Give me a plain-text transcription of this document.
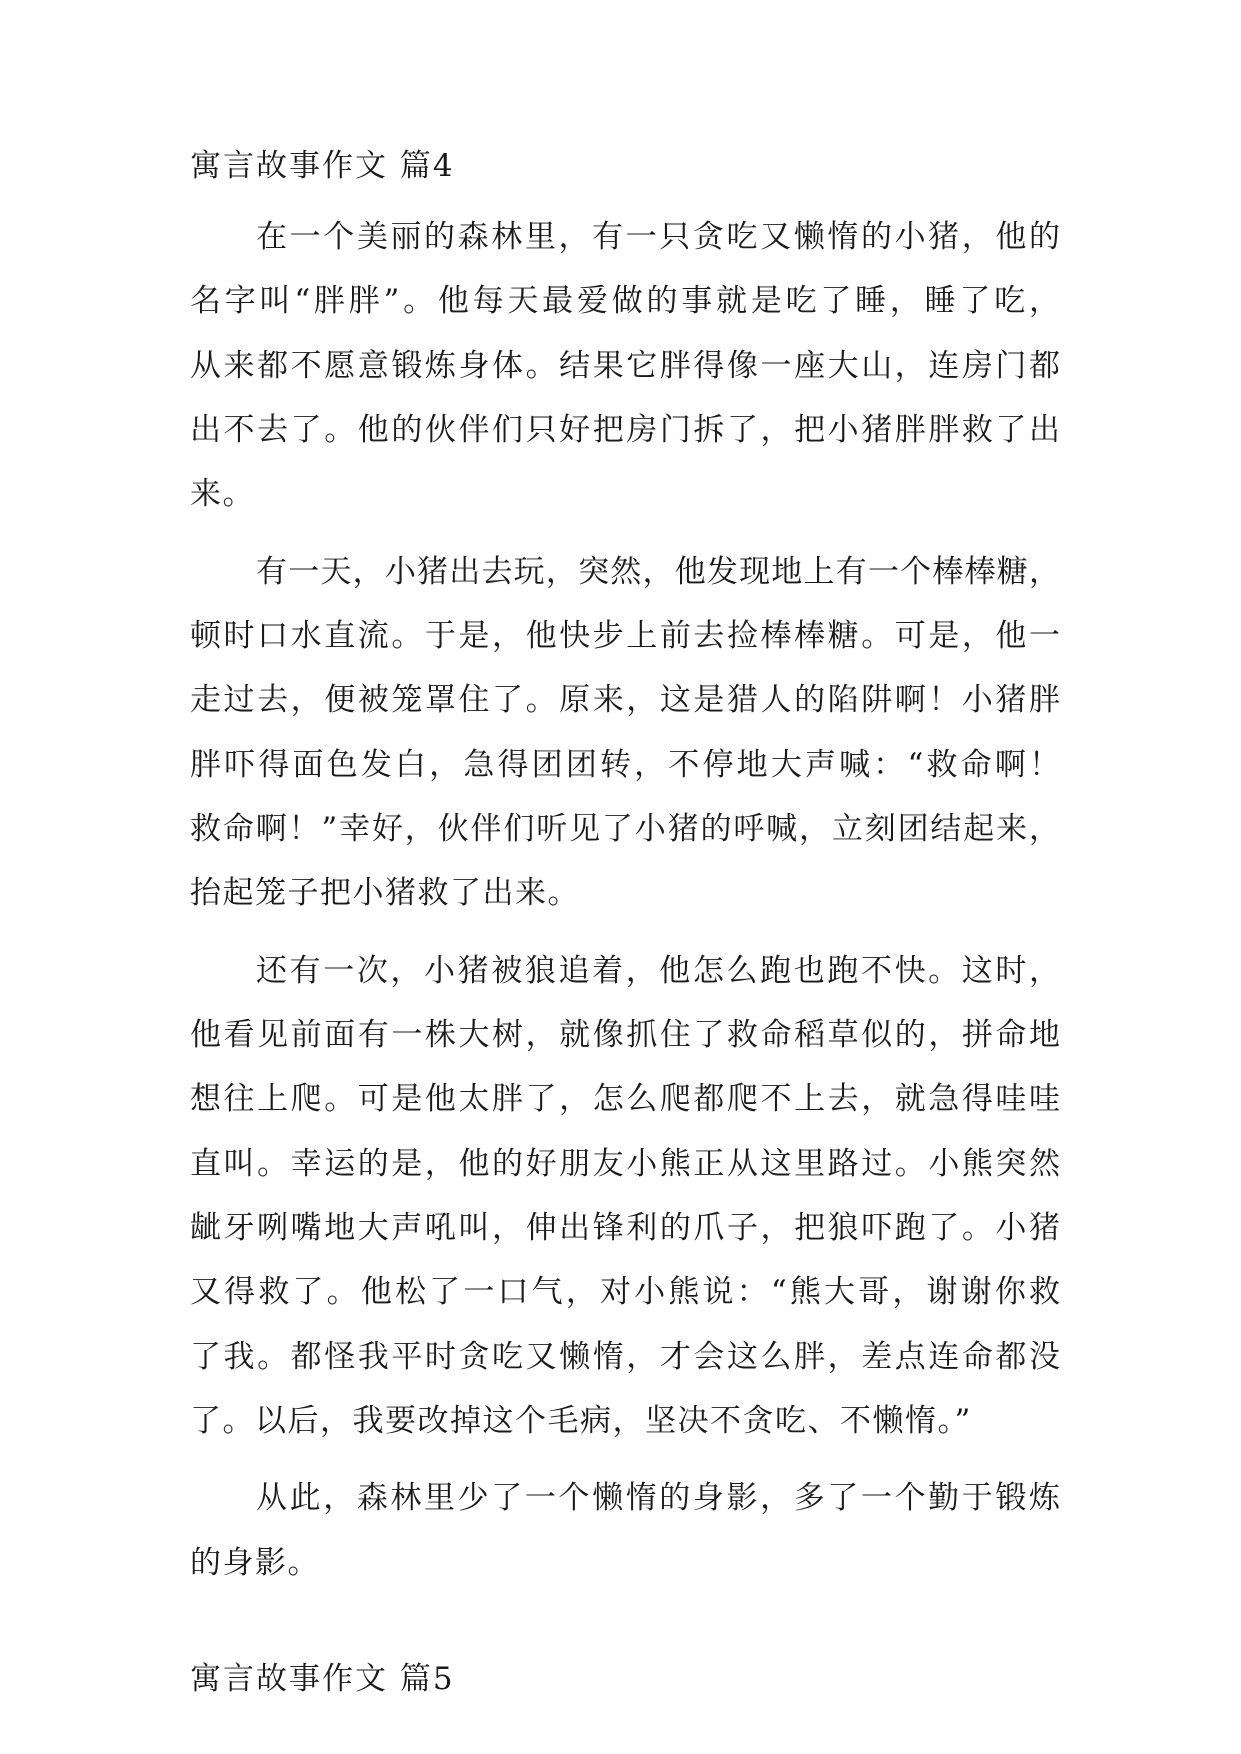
寓言故事作文 篇4
在一个美丽的森林里，有一只贪吃又懒惰的小猪，他的
名字叫“胖胖”。他每天最爱做的事就是吃了睡，睡了吃，
从来都不愿意锻炼身体。结果它胖得像一座大山，连房门都
出不去了。他的伙伴们只好把房门拆了，把小猪胖胖救了出
来。
有一天，小猪出去玩，突然，他发现地上有一个棒棒糖，
顿时口水直流。于是，他快步上前去捡棒棒糖。可是，他一
走过去，便被笼罩住了。原来，这是猎人的陷阱啊！小猪胖
胖吓得面色发白，急得团团转，不停地大声喊：“救命啊！
救命啊！”幸好，伙伴们听见了小猪的呼喊，立刻团结起来，
抬起笼子把小猪救了出来。
还有一次，小猪被狼追着，他怎么跑也跑不快。这时，
他看见前面有一株大树，就像抓住了救命稻草似的，拼命地
想往上爬。可是他太胖了，怎么爬都爬不上去，就急得哇哇
直叫。幸运的是，他的好朋友小熊正从这里路过。小熊突然
龇牙咧嘴地大声吼叫，伸出锋利的爪子，把狼吓跑了。小猪
又得救了。他松了一口气，对小熊说：“熊大哥，谢谢你救
了我。都怪我平时贪吃又懒惰，才会这么胖，差点连命都没
了。以后，我要改掉这个毛病，坚决不贪吃、不懒惰。”
从此，森林里少了一个懒惰的身影，多了一个勤于锻炼
的身影。
寓言故事作文 篇5
